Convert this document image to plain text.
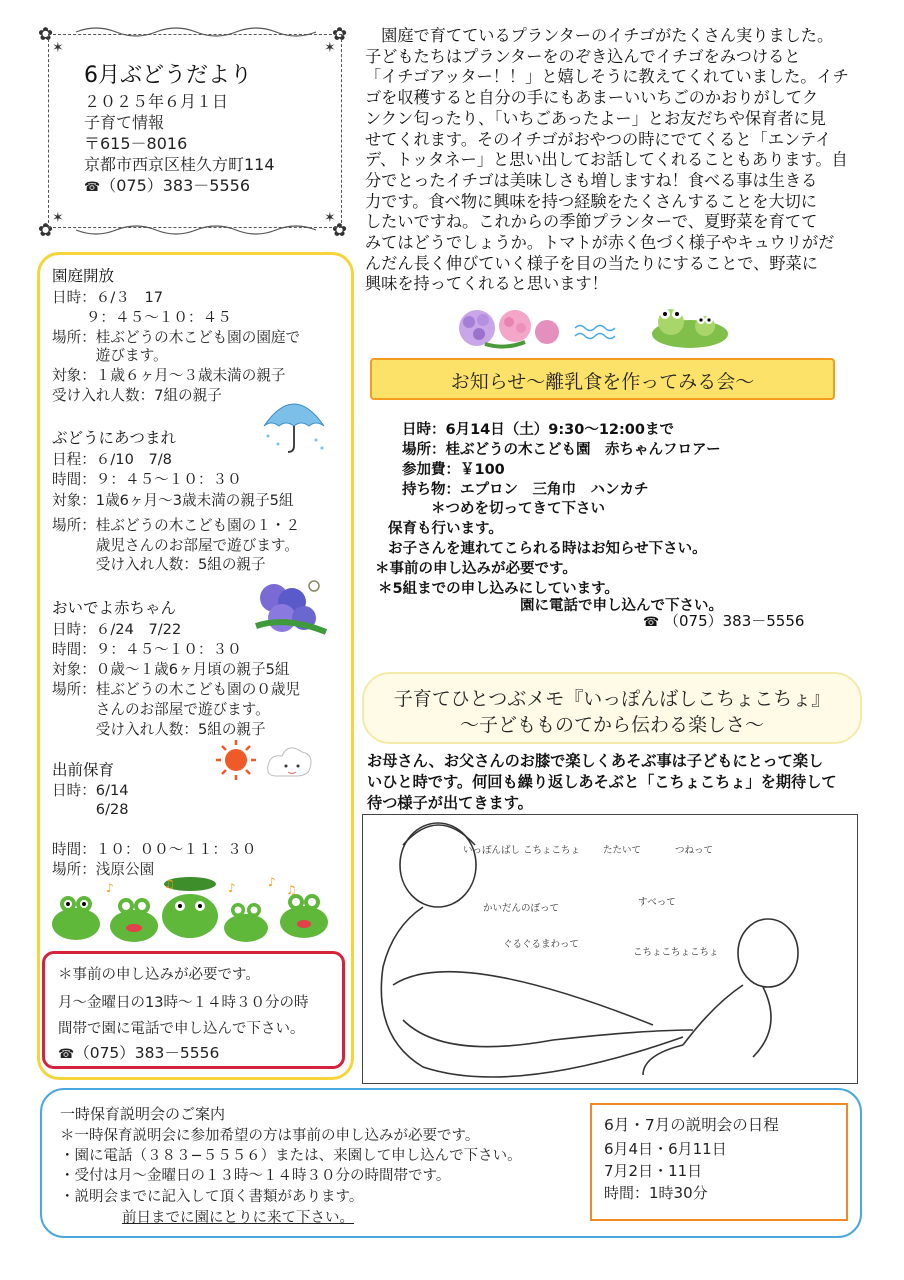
✿	✿
✿	✿
✶	✶
✶	✶
6月ぶどうだより
２０２５年６月１日
子育て情報
〒615－8016
京都市西京区桂久方町114
☎（075）383－5556
　園庭で育てているプランターのイチゴがたくさん実りました。
子どもたちはプランターをのぞき込んでイチゴをみつけると
「イチゴアッター！！」と嬉しそうに教えてくれていました。イチ
ゴを収穫すると自分の手にもあまーいいちごのかおりがしてク
ンクン匂ったり、「いちごあったよー」とお友だちや保育者に見
せてくれます。そのイチゴがおやつの時にでてくると「エンテイ
デ、トッタネー」と思い出してお話してくれることもあります。自
分でとったイチゴは美味しさも増しますね！食べる事は生きる
力です。食べ物に興味を持つ経験をたくさんすることを大切に
したいですね。これからの季節プランターで、夏野菜を育てて
みてはどうでしょうか。トマトが赤く色づく様子やキュウリがだ
んだん長く伸びていく様子を目の当たりにすることで、野菜に
興味を持ってくれると思います！
お知らせ〜離乳食を作ってみる会〜
日時：6月14日（土）9:30〜12:00まで
場所：桂ぶどうの木こども園　赤ちゃんフロアー
参加費：￥100
持ち物：エプロン　三角巾　ハンカチ
　　＊つめを切ってきて下さい
保育も行います。
お子さんを連れてこられる時はお知らせ下さい。
＊事前の申し込みが必要です。
＊5組までの申し込みにしています。
園に電話で申し込んで下さい。
☎ （075）383－5556
子育てひとつぶメモ『いっぽんばしこちょこちょ』
〜子どもものてから伝わる楽しさ〜
お母さん、お父さんのお膝で楽しくあそぶ事は子どもにとって楽し
いひと時です。何回も繰り返しあそぶと「こちょこちょ」を期待して
待つ様子が出てきます。
いっぽんばし こちょこちょ たたいて	つねって
かいだんのぼって
すべって
ぐるぐるまわって
こちょこちょこちょ
園庭開放
日時：６/３　17
　　 ９：４５〜１０：４５
場所：桂ぶどうの木こども園の園庭で
　　　遊びます。
対象：１歳６ヶ月〜３歳未満の親子
受け入れ人数：7組の親子
ぶどうにあつまれ
日程：６/10　7/8
時間：９：４５〜１０：３０
対象：1歳6ヶ月〜3歳未満の親子5組
場所：桂ぶどうの木こども園の１・２
　　　歳児さんのお部屋で遊びます。
　　　受け入れ人数：5組の親子
おいでよ赤ちゃん
日時：６/24　7/22
時間：９：４５〜１０：３０
対象：０歳〜１歳6ヶ月頃の親子5組
場所：桂ぶどうの木こども園の０歳児
　　　さんのお部屋で遊びます。
　　　受け入れ人数：5組の親子
出前保育
日時：6/14
　　　6/28
時間：１０：００〜１１：３０
場所：浅原公園
♪	♫	♪	♪
♫
＊事前の申し込みが必要です。
月〜金曜日の13時〜１４時３０分の時
間帯で園に電話で申し込んで下さい。
☎（075）383－5556
一時保育説明会のご案内
＊一時保育説明会に参加希望の方は事前の申し込みが必要です。
・園に電話（３８３−５５５６）または、来園して申し込んで下さい。
・受付は月〜金曜日の１３時〜１４時３０分の時間帯です。
・説明会までに記入して頂く書類があります。
前日までに園にとりに来て下さい。
6月・7月の説明会の日程
6月4日・6月11日
7月2日・11日
時間：1時30分
